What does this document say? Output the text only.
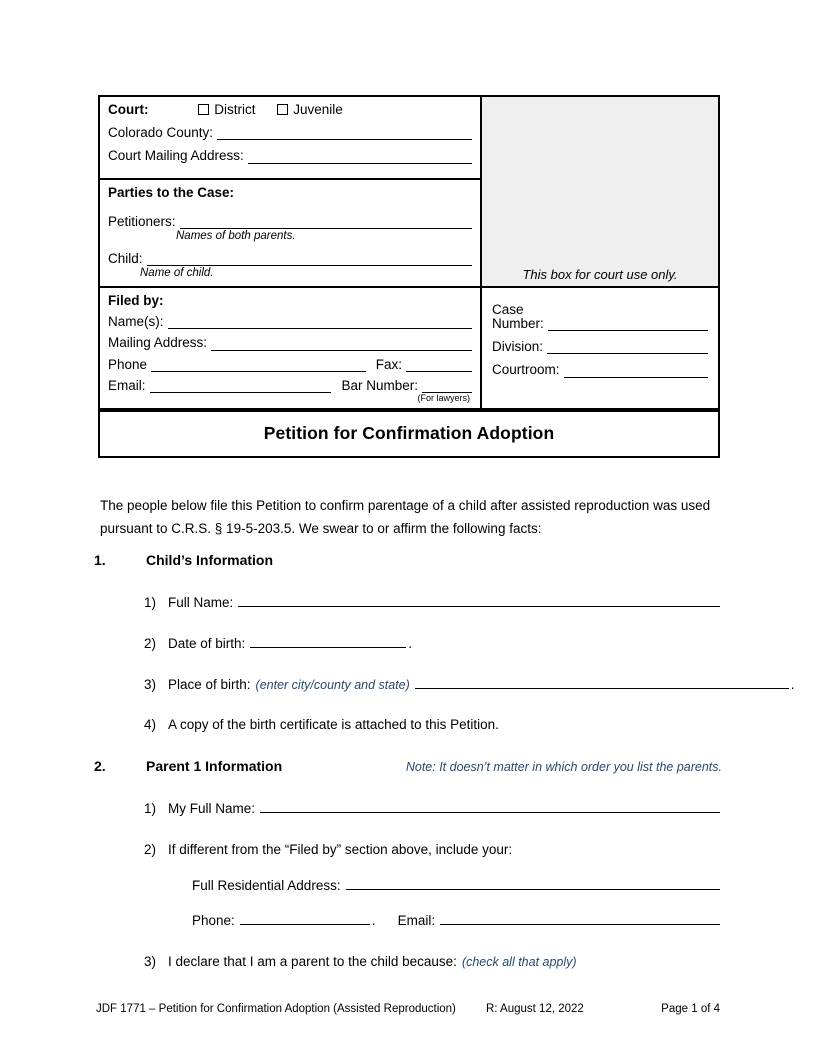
Court:	District	Juvenile
Colorado County:
Court Mailing Address:
Parties to the Case:
Petitioners:
Names of both parents.
Child:
Name of child.
Filed by:
Name(s):
Mailing Address:
Phone	Fax:
Email:	Bar Number:
(For lawyers)
This box for court use only.
Case
Number:
Division:
Courtroom:
Petition for Confirmation Adoption

The people below file this Petition to confirm parentage of a child after assisted reproduction was used pursuant to C.R.S. § 19-5-203.5. We swear to or affirm the following facts:

1.	Child’s Information
1) Full Name:
2) Date of birth:	.
3) Place of birth: (enter city/county and state)	.
4) A copy of the birth certificate is attached to this Petition.
2.	Parent 1 Information	Note: It doesn’t matter in which order you list the parents.
1) My Full Name:
2) If different from the “Filed by” section above, include your:
Full Residential Address:
Phone:	. Email:
3) I declare that I am a parent to the child because: (check all that apply)
JDF 1771 – Petition for Confirmation Adoption (Assisted Reproduction)	R: August 12, 2022	Page 1 of 4
